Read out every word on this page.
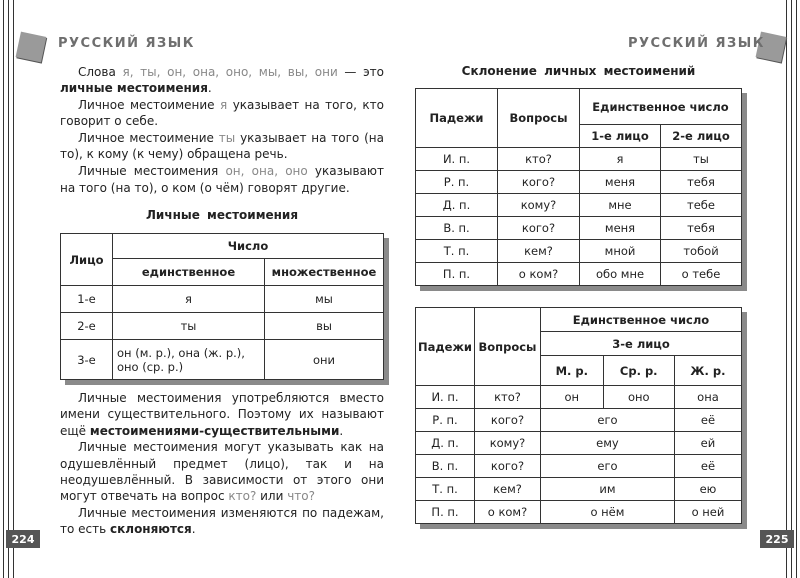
РУССКИЙ ЯЗЫК	РУССКИЙ ЯЗЫК

Слова я, ты, он, она, оно, мы, вы, они — это личные местоимения.

Личное местоимение я указывает на того, кто говорит о себе.

Личное местоимение ты указывает на того (на то), к кому (к чему) обращена речь.

Личные местоимения он, она, оно указывают на того (на то), о ком (о чём) говорят другие.

Личные местоимения
Лицо	Число	
	единственное	множественное
1-е	я	мы
2-е	ты	вы
3-е	он (м. р.), она (ж. р.), оно (ср. р.)	они

Личные местоимения употребляются вместо имени существительного. Поэтому их называют ещё местоимениями-существительными.

Личные местоимения могут указывать как на одушевлённый предмет (лицо), так и на неодушевлённый. В зависимости от этого они могут отвечать на вопрос кто? или что?

Личные местоимения изменяются по падежам, то есть склоняются.

224
Склонение личных местоимений
Падежи	Вопросы	Единственное число	
		1-е лицо	2-е лицо
И. п.	кто?	я	ты
Р. п.	кого?	меня	тебя
Д. п.	кому?	мне	тебе
В. п.	кого?	меня	тебя
Т. п.	кем?	мной	тобой
П. п.	о ком?	обо мне	о тебе
Падежи	Вопросы	Единственное число		
		3-е лицо		
		М. р.	Ср. р.	Ж. р.
И. п.	кто?	он	оно	она
Р. п.	кого?	его		её
Д. п.	кому?	ему		ей
В. п.	кого?	его		её
Т. п.	кем?	им		ею
П. п.	о ком?	о нём		о ней
225
